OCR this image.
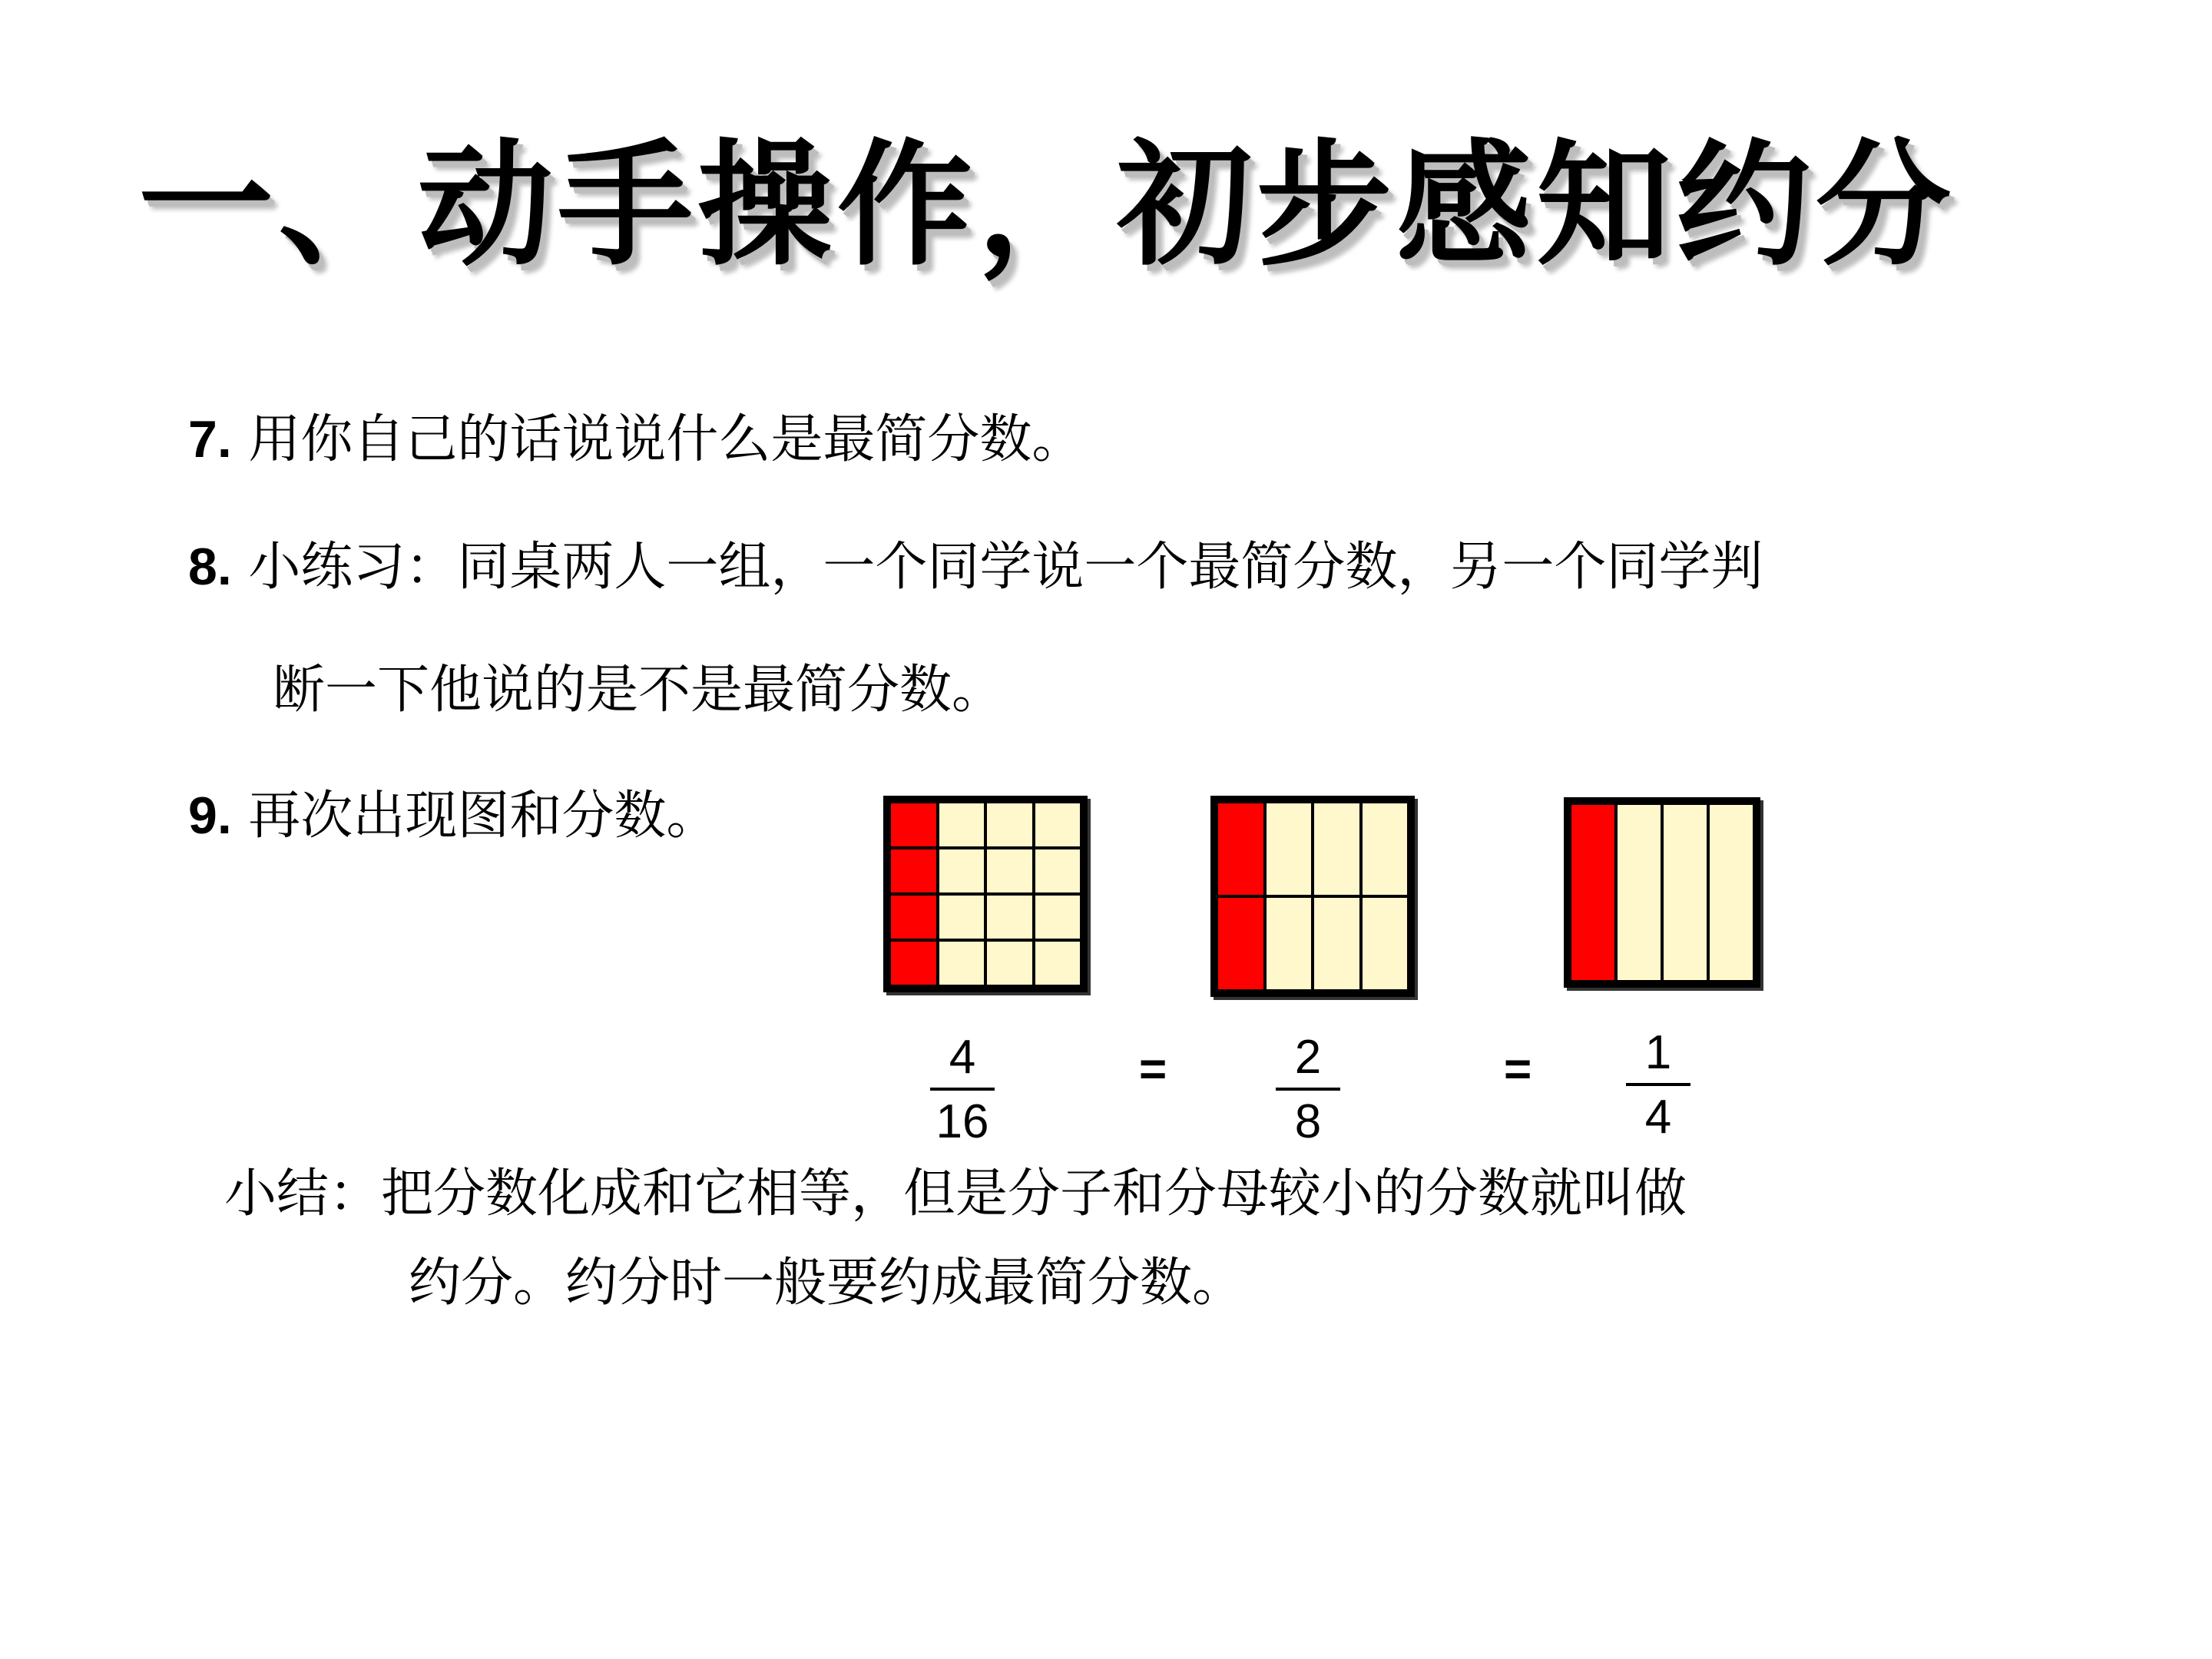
一、动手操作，初步感知约分
7. 用你自己的话说说什么是最简分数。
8. 小练习：同桌两人一组，一个同学说一个最简分数，另一个同学判
断一下他说的是不是最简分数。
9. 再次出现图和分数。
4
16
=	2
8
=	1
4
小结：把分数化成和它相等，但是分子和分母较小的分数就叫做
约分。约分时一般要约成最简分数。
